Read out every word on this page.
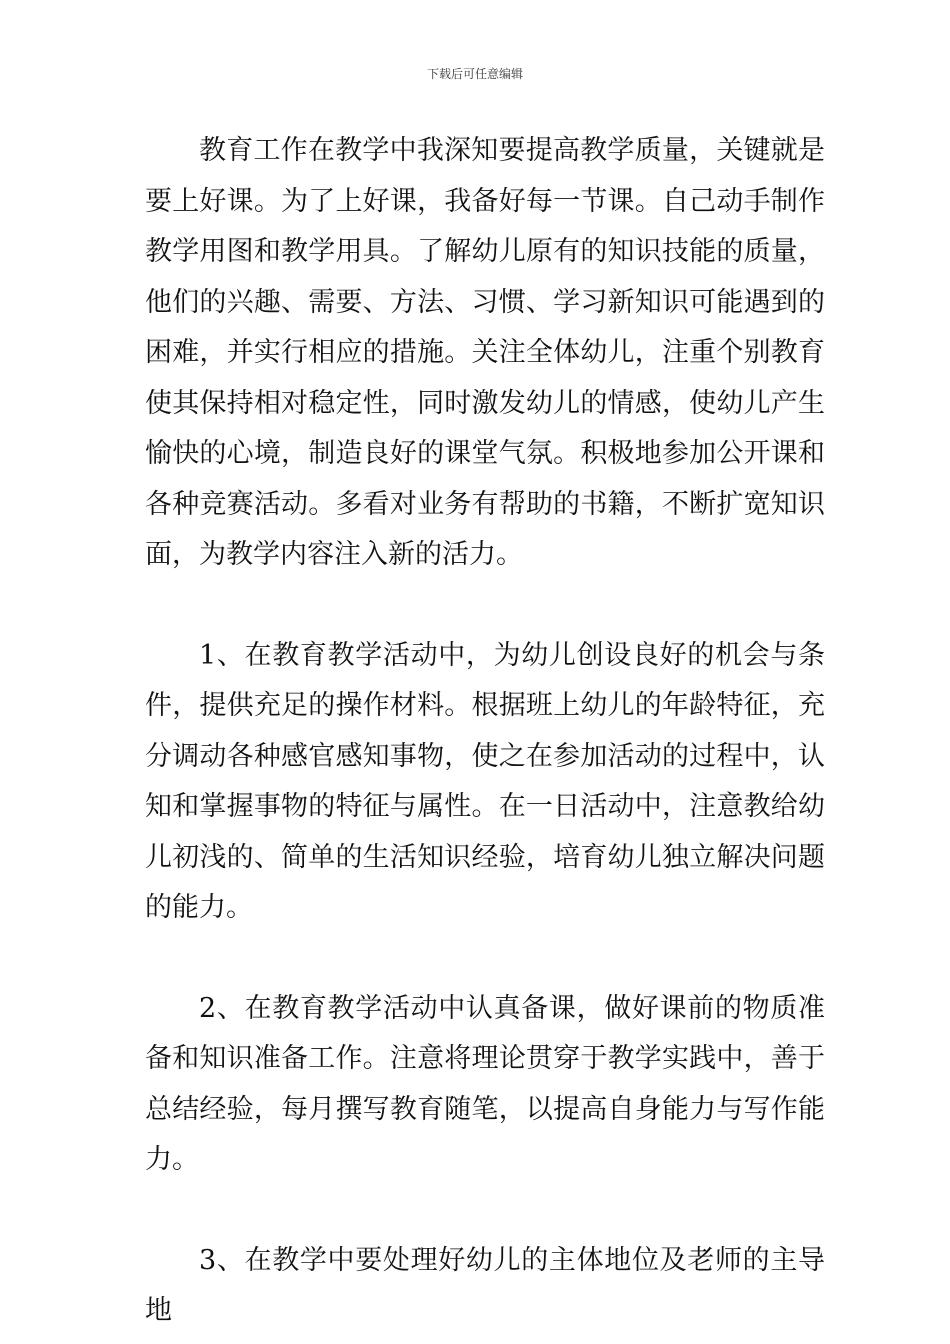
下载后可任意编辑

教育工作在教学中我深知要提高教学质量，关键就是要上好课。为了上好课，我备好每一节课。自己动手制作教学用图和教学用具。了解幼儿原有的知识技能的质量，他们的兴趣、需要、方法、习惯、学习新知识可能遇到的困难，并实行相应的措施。关注全体幼儿，注重个别教育使其保持相对稳定性，同时激发幼儿的情感，使幼儿产生愉快的心境，制造良好的课堂气氛。积极地参加公开课和各种竞赛活动。多看对业务有帮助的书籍，不断扩宽知识面，为教学内容注入新的活力。

1、在教育教学活动中，为幼儿创设良好的机会与条件，提供充足的操作材料。根据班上幼儿的年龄特征，充分调动各种感官感知事物，使之在参加活动的过程中，认知和掌握事物的特征与属性。在一日活动中，注意教给幼儿初浅的、简单的生活知识经验，培育幼儿独立解决问题的能力。

2、在教育教学活动中认真备课，做好课前的物质准备和知识准备工作。注意将理论贯穿于教学实践中，善于总结经验，每月撰写教育随笔，以提高自身能力与写作能力。

3、在教学中要处理好幼儿的主体地位及老师的主导地
